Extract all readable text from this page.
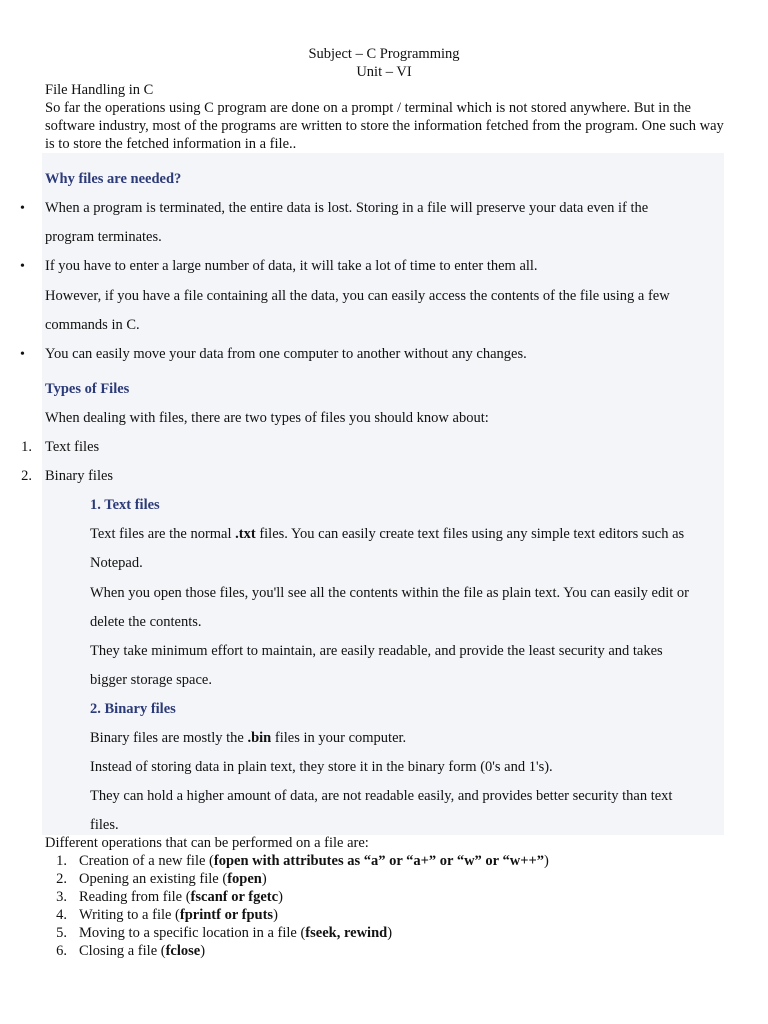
Subject – C Programming
Unit – VI

File Handling in C

So far the operations using C program are done on a prompt / terminal which is not stored anywhere. But in the software industry, most of the programs are written to store the information fetched from the program. One such way is to store the fetched information in a file..

Why files are needed?
•	When a program is terminated, the entire data is lost. Storing in a file will preserve your data even if the
program terminates.
•	If you have to enter a large number of data, it will take a lot of time to enter them all.
However, if you have a file containing all the data, you can easily access the contents of the file using a few
commands in C.
•	You can easily move your data from one computer to another without any changes.
Types of Files
When dealing with files, there are two types of files you should know about:
1. Text files
2. Binary files
1. Text files
Text files are the normal .txt files. You can easily create text files using any simple text editors such as
Notepad.
When you open those files, you'll see all the contents within the file as plain text. You can easily edit or
delete the contents.
They take minimum effort to maintain, are easily readable, and provide the least security and takes
bigger storage space.
2. Binary files
Binary files are mostly the .bin files in your computer.
Instead of storing data in plain text, they store it in the binary form (0's and 1's).
They can hold a higher amount of data, are not readable easily, and provides better security than text
files.

Different operations that can be performed on a file are:

1. Creation of a new file (fopen with attributes as “a” or “a+” or “w” or “w++”)
2. Opening an existing file (fopen)
3. Reading from file (fscanf or fgetc)
4. Writing to a file (fprintf or fputs)
5. Moving to a specific location in a file (fseek, rewind)
6. Closing a file (fclose)
